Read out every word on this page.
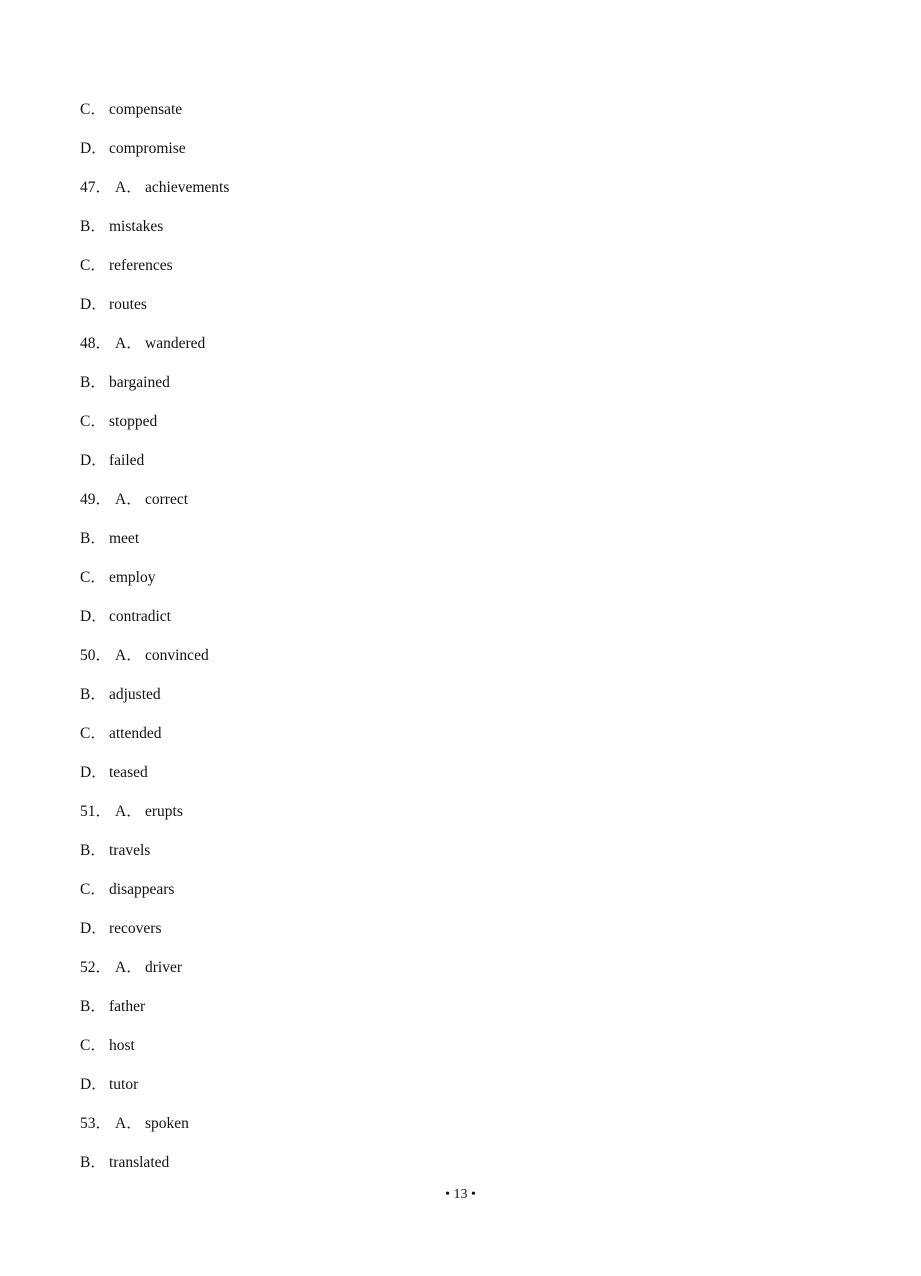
C． compensate
D． compromise
47． A． achievements
B． mistakes
C． references
D． routes
48． A． wandered
B． bargained
C． stopped
D． failed
49． A． correct
B． meet
C． employ
D． contradict
50． A． convinced
B． adjusted
C． attended
D． teased
51． A． erupts
B． travels
C． disappears
D． recovers
52． A． driver
B． father
C． host
D． tutor
53． A． spoken
B． translated
• 13 •
